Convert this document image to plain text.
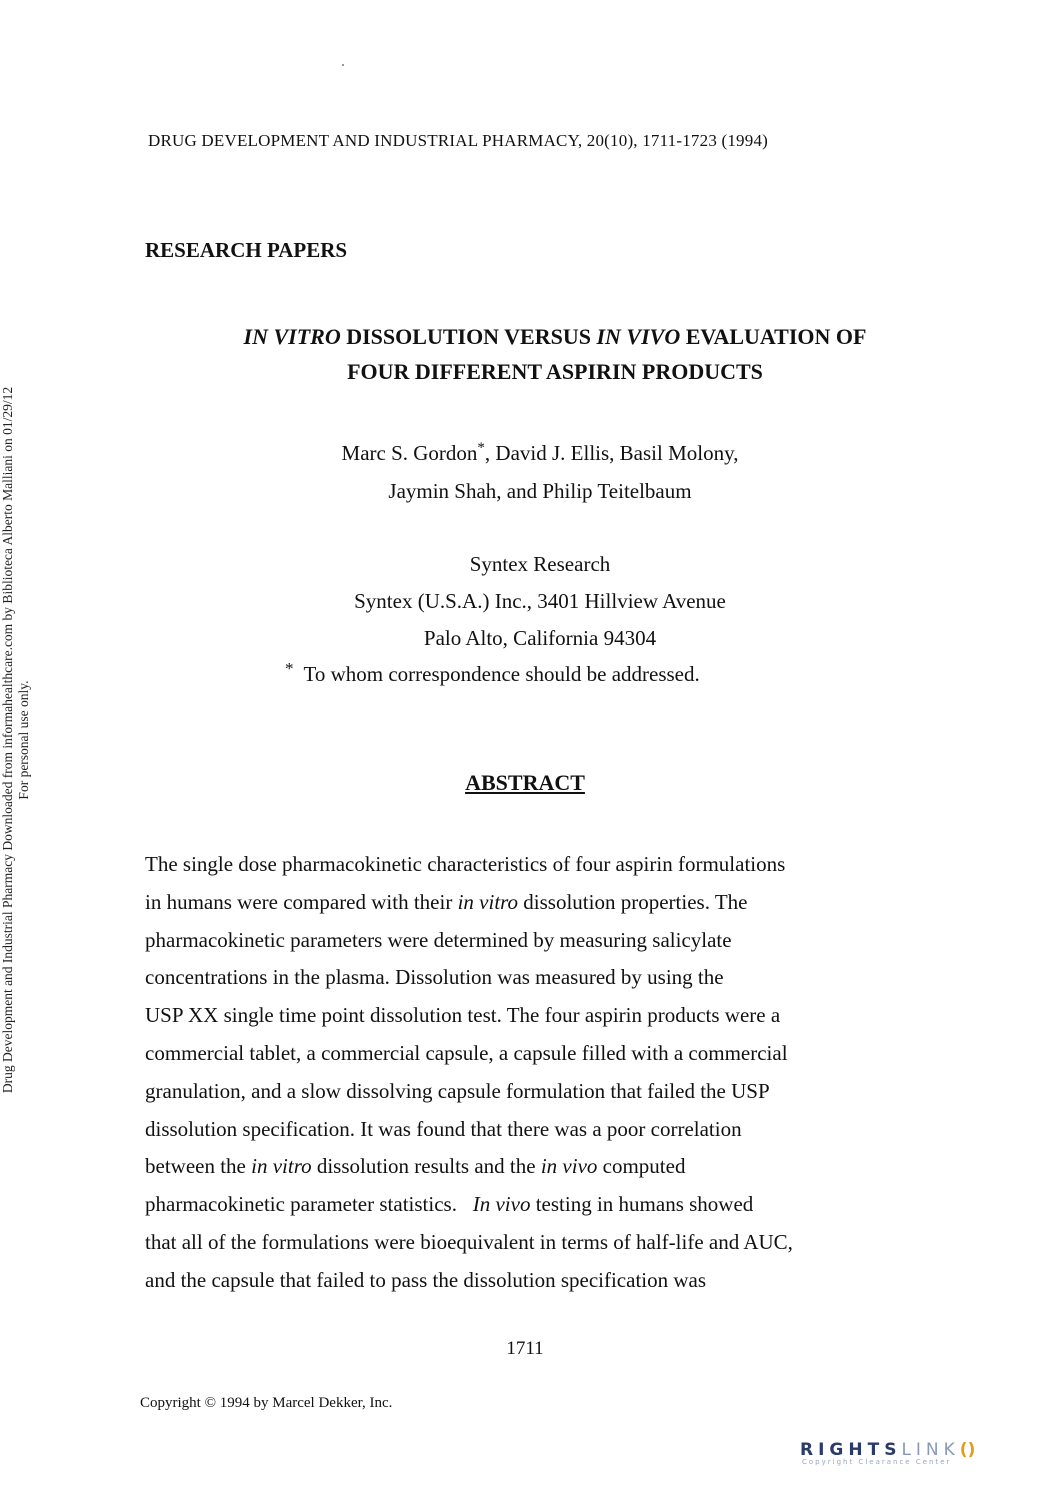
DRUG DEVELOPMENT AND INDUSTRIAL PHARMACY, 20(10), 1711-1723 (1994)
RESEARCH PAPERS
IN VITRO DISSOLUTION VERSUS IN VIVO EVALUATION OF
FOUR DIFFERENT ASPIRIN PRODUCTS
Marc S. Gordon*, David J. Ellis, Basil Molony,
Jaymin Shah, and Philip Teitelbaum
Syntex Research
Syntex (U.S.A.) Inc., 3401 Hillview Avenue
Palo Alto, California 94304
* To whom correspondence should be addressed.
ABSTRACT

The single dose pharmacokinetic characteristics of four aspirin formulations

in humans were compared with their in vitro dissolution properties. The

pharmacokinetic parameters were determined by measuring salicylate

concentrations in the plasma. Dissolution was measured by using the

USP XX single time point dissolution test. The four aspirin products were a

commercial tablet, a commercial capsule, a capsule filled with a commercial

granulation, and a slow dissolving capsule formulation that failed the USP

dissolution specification. It was found that there was a poor correlation

between the in vitro dissolution results and the in vivo computed

pharmacokinetic parameter statistics.   In vivo testing in humans showed

that all of the formulations were bioequivalent in terms of half-life and AUC,

and the capsule that failed to pass the dissolution specification was

1711
Copyright © 1994 by Marcel Dekker, Inc.
Drug Development and Industrial Pharmacy Downloaded from informahealthcare.com by Biblioteca Alberto Malliani on 01/29/12 For personal use only.
RIGHTSLINK()
Copyright Clearance Center
